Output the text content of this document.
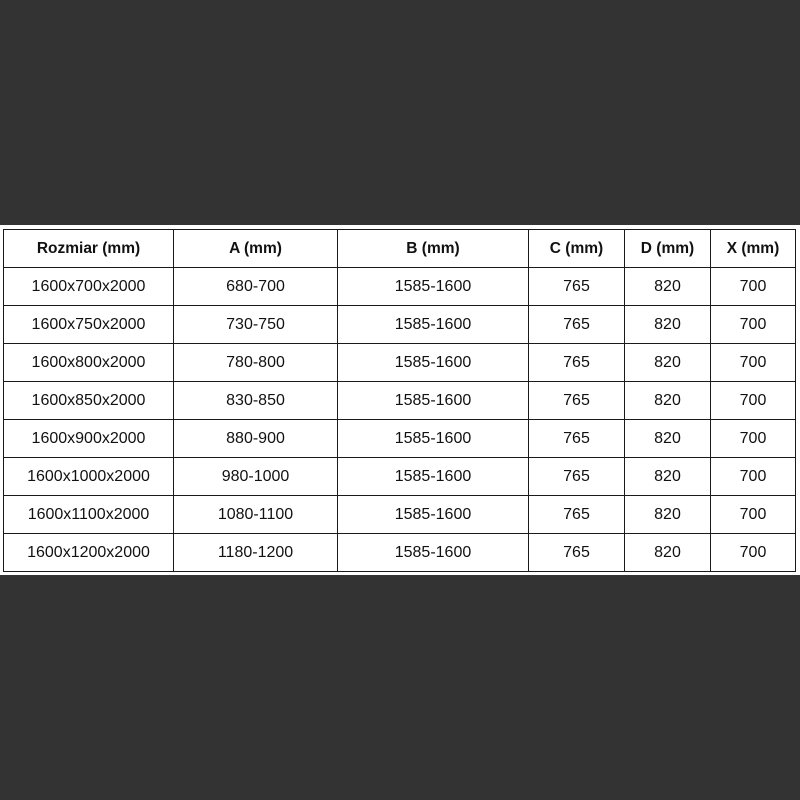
Rozmiar (mm)	A (mm)	B (mm)	C (mm)	D (mm)	X (mm)
1600x700x2000	680-700	1585-1600	765	820	700
1600x750x2000	730-750	1585-1600	765	820	700
1600x800x2000	780-800	1585-1600	765	820	700
1600x850x2000	830-850	1585-1600	765	820	700
1600x900x2000	880-900	1585-1600	765	820	700
1600x1000x2000	980-1000	1585-1600	765	820	700
1600x1100x2000	1080-1100	1585-1600	765	820	700
1600x1200x2000	1180-1200	1585-1600	765	820	700
